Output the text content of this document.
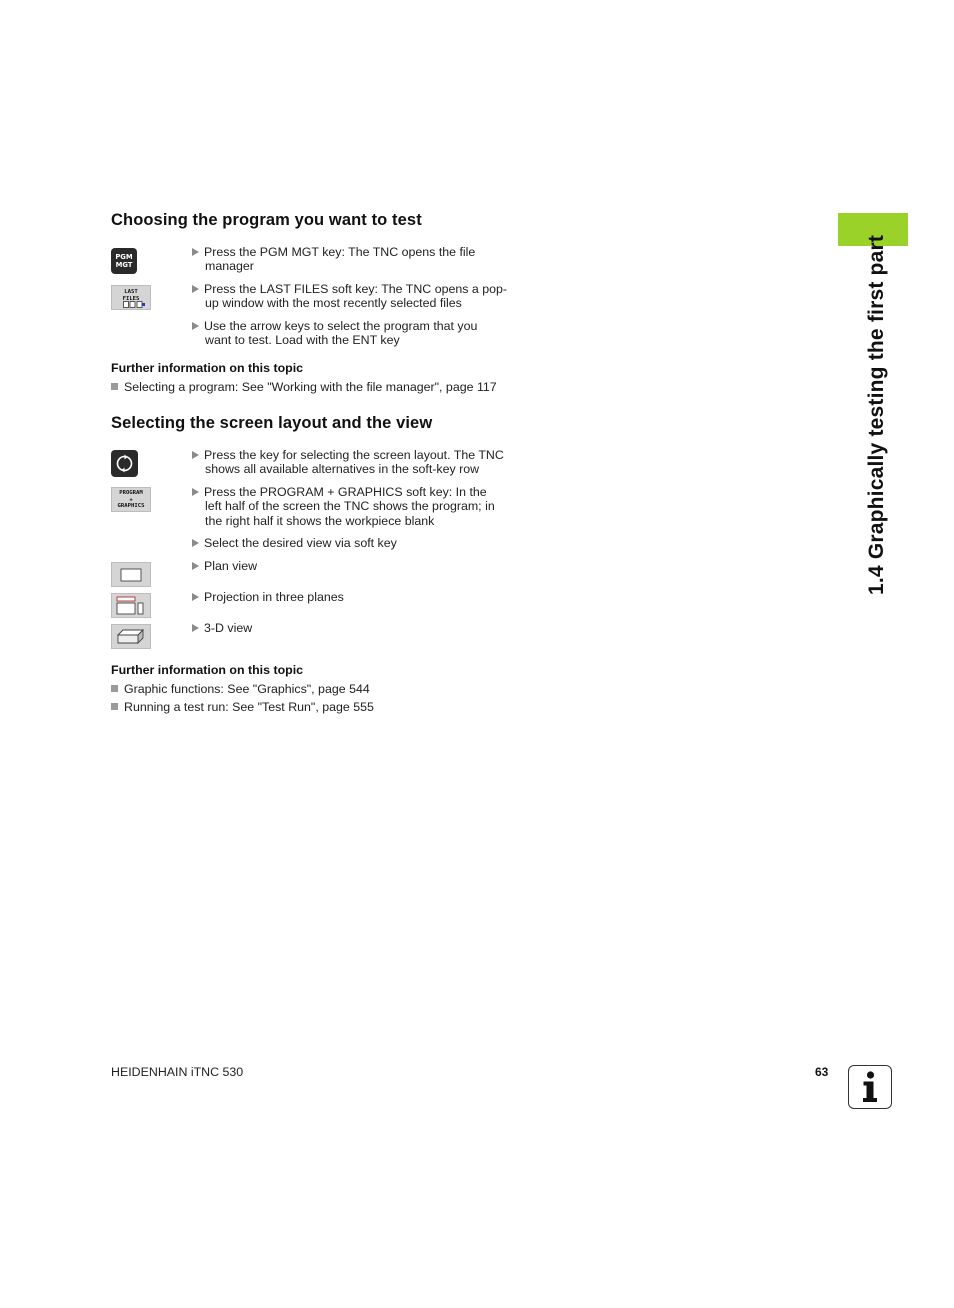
Choosing the program you want to test
PGM
MGT
LAST
FILES
Press the PGM MGT key: The TNC opens the file
manager
Press the LAST FILES soft key: The TNC opens a pop-
up window with the most recently selected files
Use the arrow keys to select the program that you
want to test. Load with the ENT key

Further information on this topic

Selecting a program: See "Working with the file manager", page 117
Selecting the screen layout and the view
PROGRAM
+
GRAPHICS
Press the key for selecting the screen layout. The TNC
shows all available alternatives in the soft-key row
Press the PROGRAM + GRAPHICS soft key: In the
left half of the screen the TNC shows the program; in
the right half it shows the workpiece blank
Select the desired view via soft key
Plan view
Projection in three planes
3-D view

Further information on this topic

Graphic functions: See "Graphics", page 544
Running a test run: See "Test Run", page 555
1.4 Graphically testing the first part
HEIDENHAIN iTNC 530	63
